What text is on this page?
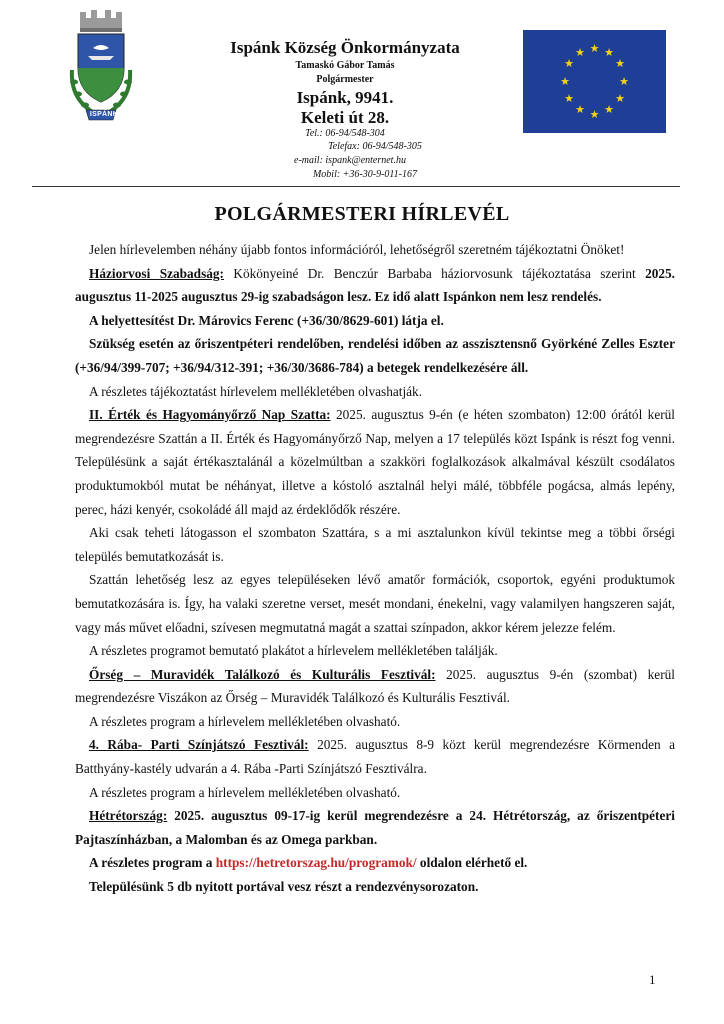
ISPÁNK
Ispánk Község Önkormányzata
Tamaskó Gábor Tamás
Polgármester
Ispánk, 9941.
Keleti út 28.
Tel.: 06-94/548-304
Telefax: 06-94/548-305
e-mail: ispank@enternet.hu
Mobil: +36-30-9-011-167
★ ★
★
★
★
★
★
★
★
★
★
★
POLGÁRMESTERI HÍRLEVÉL

Jelen hírlevelemben néhány újabb fontos információról, lehetőségről szeretném tájékoztatni Önöket!

Háziorvosi Szabadság: Kökönyeiné Dr. Benczúr Barbaba háziorvosunk tájékoztatása szerint 2025. augusztus 11-2025 augusztus 29-ig szabadságon lesz. Ez idő alatt Ispánkon nem lesz rendelés.

A helyettesítést Dr. Márovics Ferenc (+36/30/8629-601) látja el.

Szükség esetén az őriszentpéteri rendelőben, rendelési időben az asszisztensnő Györkéné Zelles Eszter (+36/94/399-707; +36/94/312-391; +36/30/3686-784) a betegek rendelkezésére áll.

A részletes tájékoztatást hírlevelem mellékletében olvashatják.

II. Érték és Hagyományőrző Nap Szatta: 2025. augusztus 9-én (e héten szombaton) 12:00 órától kerül megrendezésre Szattán a II. Érték és Hagyományőrző Nap, melyen a 17 település közt Ispánk is részt fog venni. Településünk a saját értékasztalánál a közelmúltban a szakköri foglalkozások alkalmával készült csodálatos produktumokból mutat be néhányat, illetve a kóstoló asztalnál helyi málé, többféle pogácsa, almás lepény, perec, házi kenyér, csokoládé áll majd az érdeklődők részére.

Aki csak teheti látogasson el szombaton Szattára, s a mi asztalunkon kívül tekintse meg a többi őrségi település bemutatkozását is.

Szattán lehetőség lesz az egyes településeken lévő amatőr formációk, csoportok, egyéni produktumok bemutatkozására is. Így, ha valaki szeretne verset, mesét mondani, énekelni, vagy valamilyen hangszeren saját, vagy más művet előadni, szívesen megmutatná magát a szattai színpadon, akkor kérem jelezze felém.

A részletes programot bemutató plakátot a hírlevelem mellékletében találják.

Őrség – Muravidék Találkozó és Kulturális Fesztivál: 2025. augusztus 9-én (szombat) kerül megrendezésre Viszákon az Őrség – Muravidék Találkozó és Kulturális Fesztivál.

A részletes program a hírlevelem mellékletében olvasható.

4. Rába- Parti Színjátszó Fesztivál: 2025. augusztus 8-9 közt kerül megrendezésre Körmenden a Batthyány-kastély udvarán a 4. Rába -Parti Színjátszó Fesztiválra.

A részletes program a hírlevelem mellékletében olvasható.

Hétrétország: 2025. augusztus 09-17-ig kerül megrendezésre a 24. Hétrétország, az őriszentpéteri Pajtaszínházban, a Malomban és az Omega parkban.

A részletes program a https://hetretorszag.hu/programok/ oldalon elérhető el.

Településünk 5 db nyitott portával vesz részt a rendezvénysorozaton.

1
